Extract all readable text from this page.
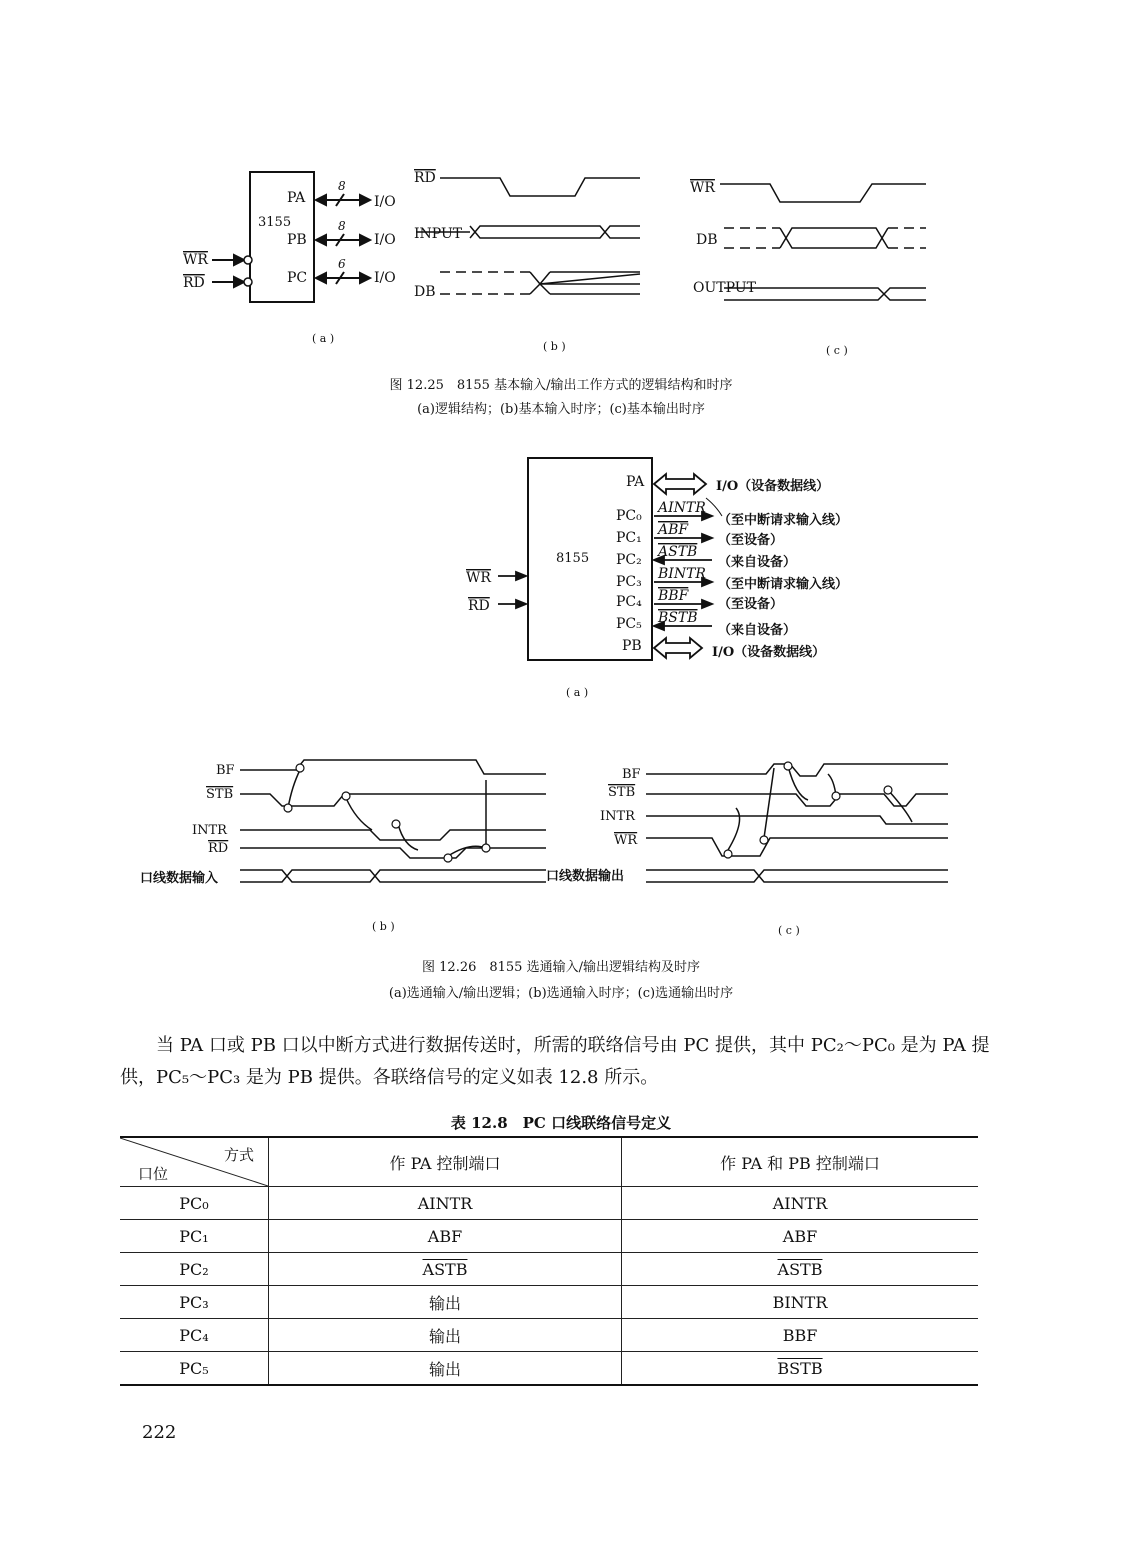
3155
PA
PB
PC
8
8
6
I/O
I/O
I/O
WR
RD
( a )
RD
INPUT
DB
( b )
WR
DB
OUTPUT
( c )
图 12.25　8155 基本输入/输出工作方式的逻辑结构和时序
(a)逻辑结构；(b)基本输入时序；(c)基本输出时序
8155
PA
PC₀
PC₁
PC₂
PC₃
PC₄
PC₅
PB
AINTR
ABF
ASTB
BINTR
BBF
BSTB
I/O（设备数据线）
（至中断请求输入线）
（至设备）
（来自设备）
（至中断请求输入线）
（至设备）
（来自设备）
I/O（设备数据线）
WR
RD
( a )
BF
STB
INTR
RD
口线数据输入
( b )
BF
STB
INTR
WR
口线数据输出
( c )
图 12.26　8155 选通输入/输出逻辑结构及时序
(a)选通输入/输出逻辑；(b)选通输入时序；(c)选通输出时序
当 PA 口或 PB 口以中断方式进行数据传送时，所需的联络信号由 PC 提供，其中 PC₂～PC₀ 是为 PA 提供，PC₅～PC₃ 是为 PB 提供。各联络信号的定义如表 12.8 所示。
表 12.8　PC 口线联络信号定义
方式
口位	作 PA 控制端口	作 PA 和 PB 控制端口
PC₀	AINTR	AINTR
PC₁	ABF	ABF
PC₂	ASTB	ASTB
PC₃	输出	BINTR
PC₄	输出	BBF
PC₅	输出	BSTB
222
